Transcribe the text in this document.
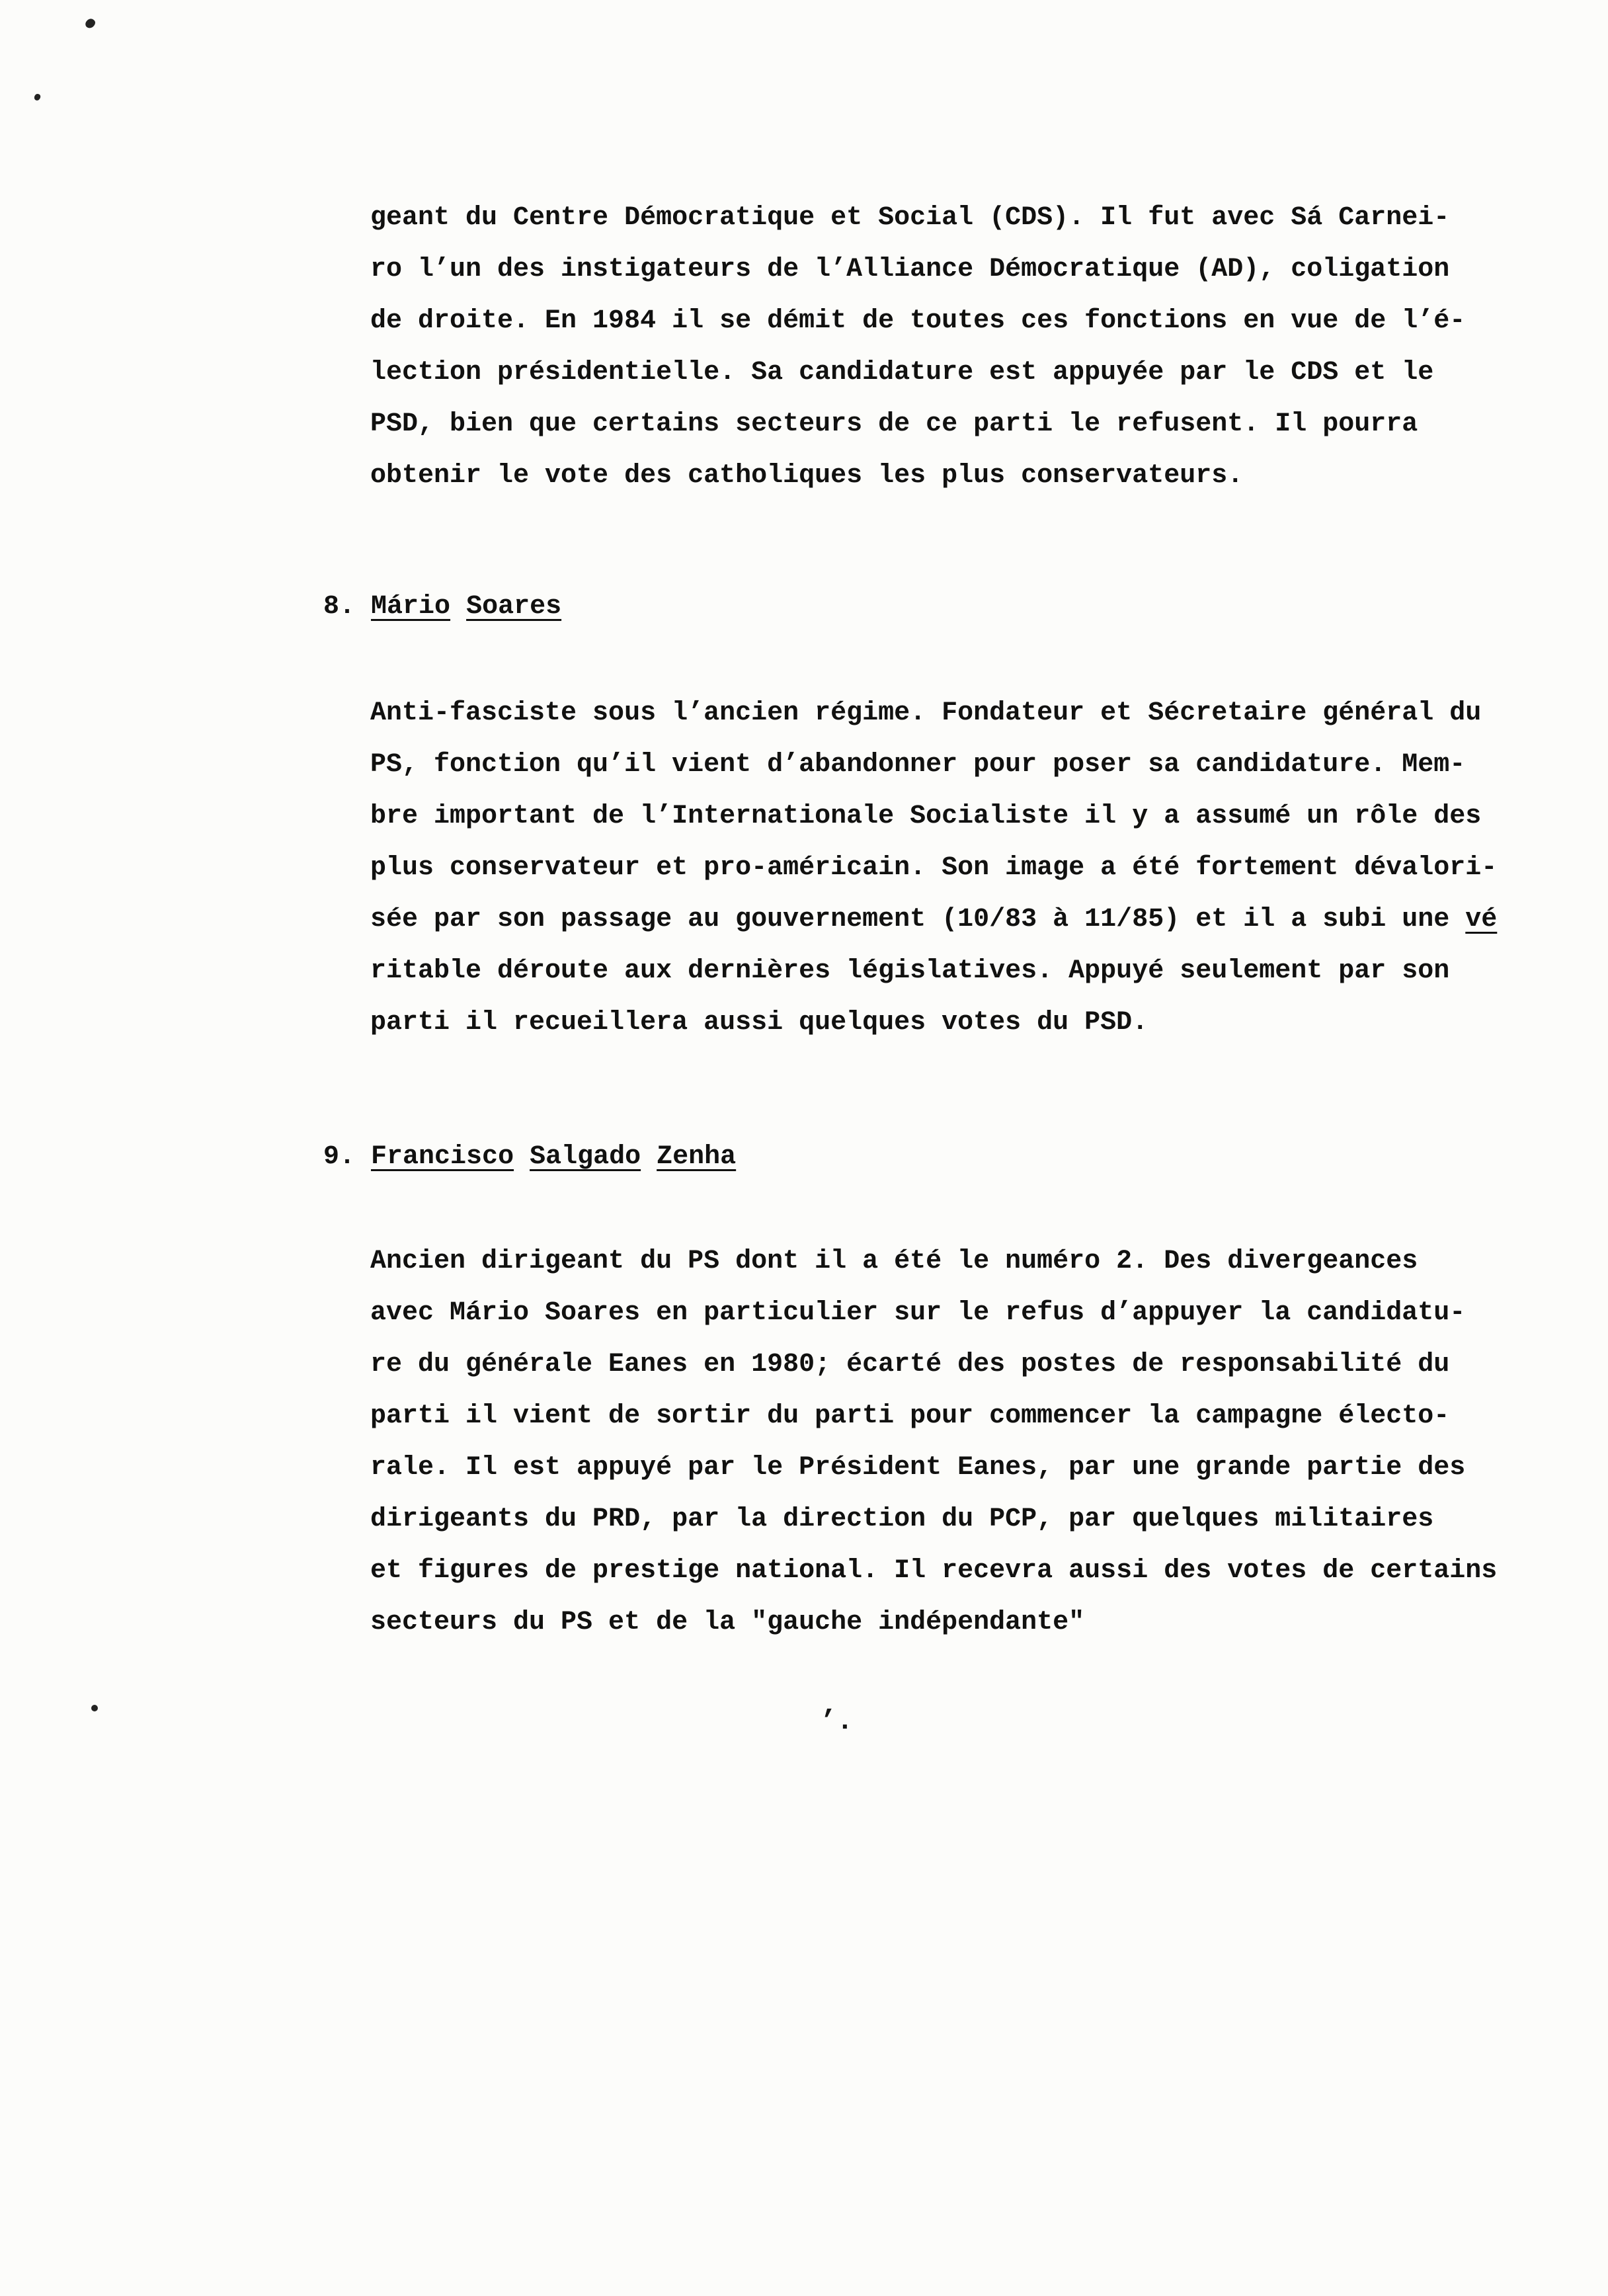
geant du Centre Démocratique et Social (CDS). Il fut avec Sá Carnei-
ro l’un des instigateurs de l’Alliance Démocratique (AD), coligation
de droite. En 1984 il se démit de toutes ces fonctions en vue de l’é-
lection présidentielle. Sa candidature est appuyée par le CDS et le
PSD, bien que certains secteurs de ce parti le refusent. Il pourra
obtenir le vote des catholiques les plus conservateurs.
8. Mário Soares
Anti-fasciste sous l’ancien régime. Fondateur et Sécretaire général du
PS, fonction qu’il vient d’abandonner pour poser sa candidature. Mem-
bre important de l’Internationale Socialiste il y a assumé un rôle des
plus conservateur et pro-américain. Son image a été fortement dévalori-
sée par son passage au gouvernement (10/83 à 11/85) et il a subi une vé
ritable déroute aux dernières législatives. Appuyé seulement par son
parti il recueillera aussi quelques votes du PSD.
9. Francisco Salgado Zenha
Ancien dirigeant du PS dont il a été le numéro 2. Des divergeances
avec Mário Soares en particulier sur le refus d’appuyer la candidatu-
re du générale Eanes en 1980; écarté des postes de responsabilité du
parti il vient de sortir du parti pour commencer la campagne électo-
rale. Il est appuyé par le Président Eanes, par une grande partie des
dirigeants du PRD, par la direction du PCP, par quelques militaires
et figures de prestige national. Il recevra aussi des votes de certains
secteurs du PS et de la "gauche indépendante"
’.
